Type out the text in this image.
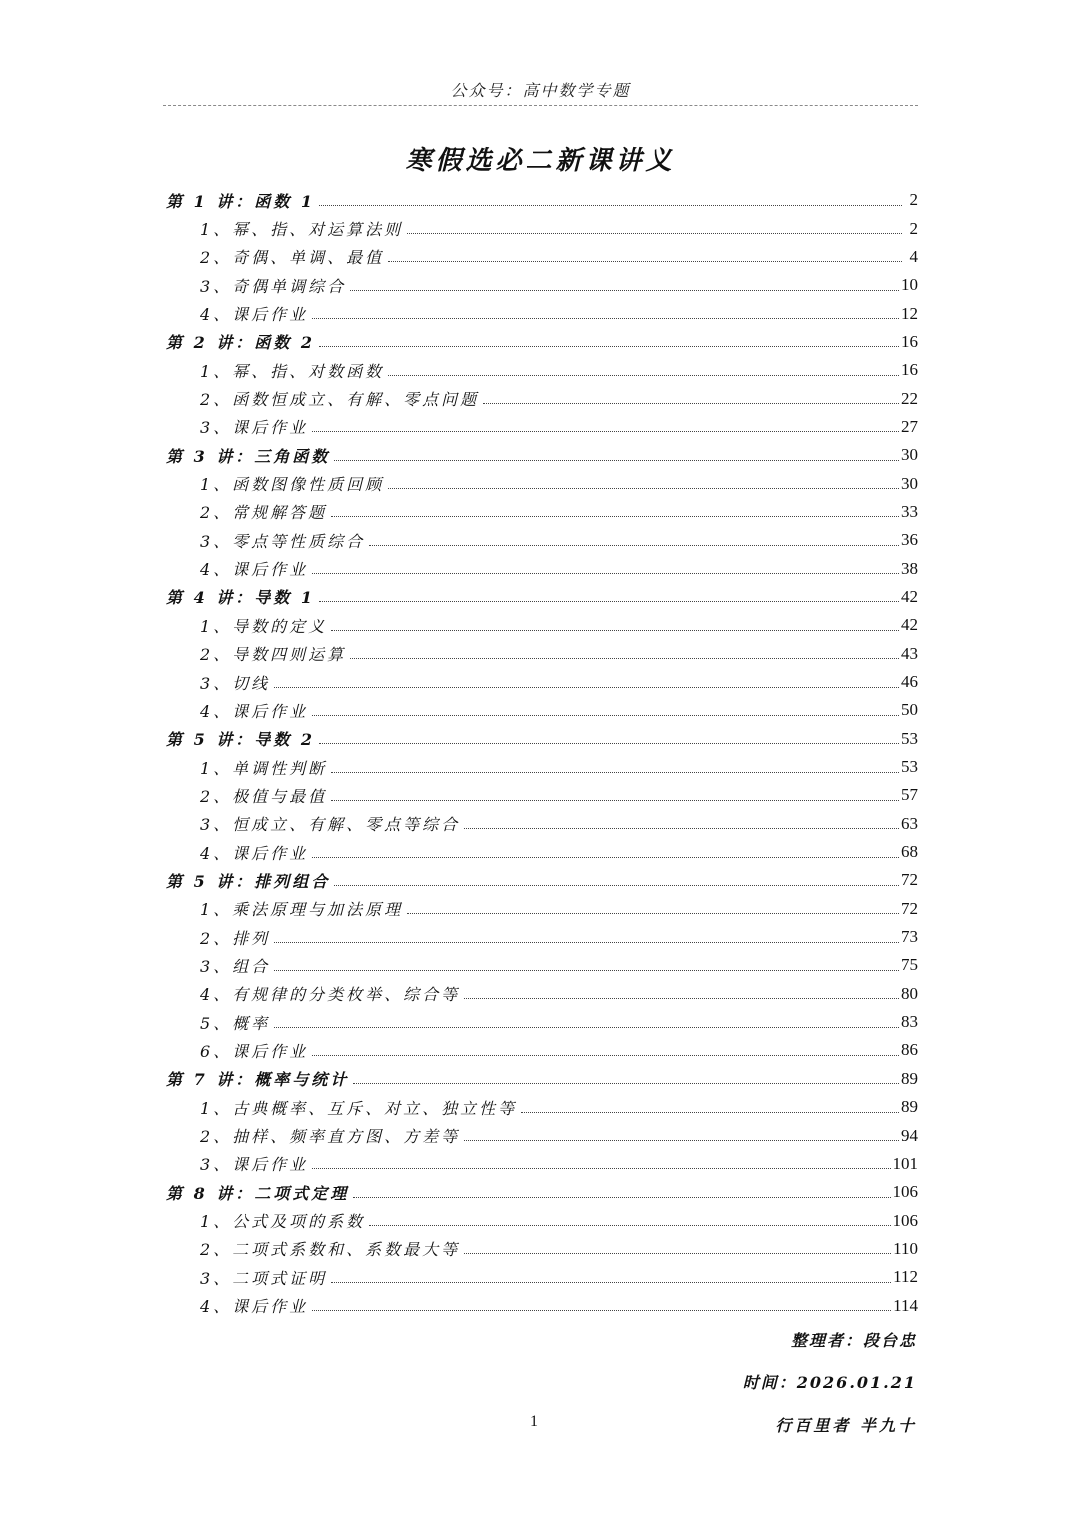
公众号：高中数学专题
寒假选必二新课讲义
第 1 讲：函数 1	2
1、幂、指、对运算法则	2
2、奇偶、单调、最值	4
3、奇偶单调综合	10
4、课后作业	12
第 2 讲：函数 2	16
1、幂、指、对数函数	16
2、函数恒成立、有解、零点问题	22
3、课后作业	27
第 3 讲：三角函数	30
1、函数图像性质回顾	30
2、常规解答题	33
3、零点等性质综合	36
4、课后作业	38
第 4 讲：导数 1	42
1、导数的定义	42
2、导数四则运算	43
3、切线	46
4、课后作业	50
第 5 讲：导数 2	53
1、单调性判断	53
2、极值与最值	57
3、恒成立、有解、零点等综合	63
4、课后作业	68
第 5 讲：排列组合	72
1、乘法原理与加法原理	72
2、排列	73
3、组合	75
4、有规律的分类枚举、综合等	80
5、概率	83
6、课后作业	86
第 7 讲：概率与统计	89
1、古典概率、互斥、对立、独立性等	89
2、抽样、频率直方图、方差等	94
3、课后作业	101
第 8 讲：二项式定理	106
1、公式及项的系数	106
2、二项式系数和、系数最大等	110
3、二项式证明	112
4、课后作业	114
整理者：段台忠
时间：2026.01.21
1	行百里者 半九十
